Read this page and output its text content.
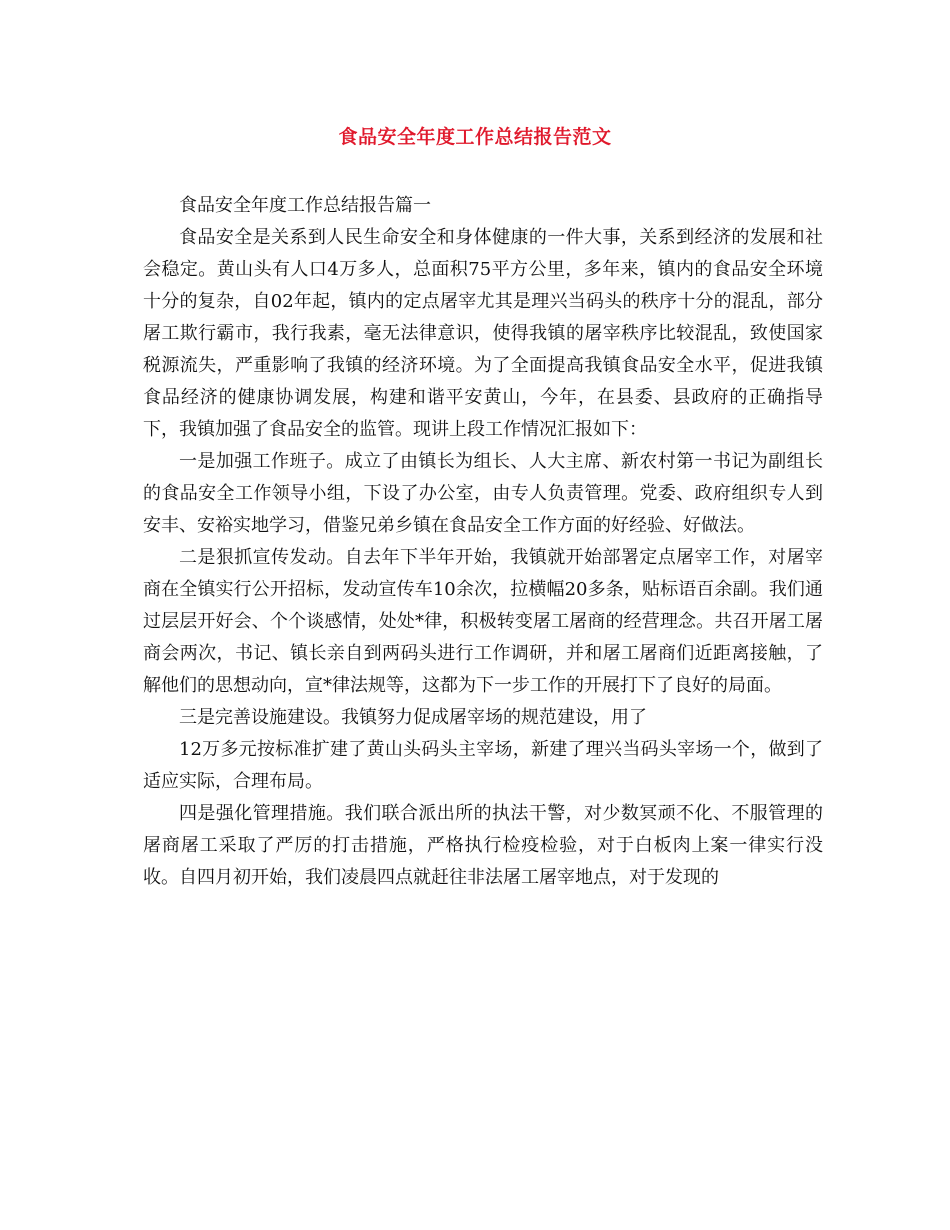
食品安全年度工作总结报告范文

食品安全年度工作总结报告篇一

食品安全是关系到人民生命安全和身体健康的一件大事，关系到经济的发展和社会稳定。黄山头有人口4万多人，总面积75平方公里，多年来，镇内的食品安全环境十分的复杂，自02年起，镇内的定点屠宰尤其是理兴当码头的秩序十分的混乱，部分屠工欺行霸市，我行我素，毫无法律意识，使得我镇的屠宰秩序比较混乱，致使国家税源流失，严重影响了我镇的经济环境。为了全面提高我镇食品安全水平，促进我镇食品经济的健康协调发展，构建和谐平安黄山，今年，在县委、县政府的正确指导下，我镇加强了食品安全的监管。现讲上段工作情况汇报如下：

一是加强工作班子。成立了由镇长为组长、人大主席、新农村第一书记为副组长的食品安全工作领导小组，下设了办公室，由专人负责管理。党委、政府组织专人到安丰、安裕实地学习，借鉴兄弟乡镇在食品安全工作方面的好经验、好做法。

二是狠抓宣传发动。自去年下半年开始，我镇就开始部署定点屠宰工作，对屠宰商在全镇实行公开招标，发动宣传车10余次，拉横幅20多条，贴标语百余副。我们通过层层开好会、个个谈感情，处处*律，积极转变屠工屠商的经营理念。共召开屠工屠商会两次，书记、镇长亲自到两码头进行工作调研，并和屠工屠商们近距离接触，了解他们的思想动向，宣*律法规等，这都为下一步工作的开展打下了良好的局面。

三是完善设施建设。我镇努力促成屠宰场的规范建设，用了

12万多元按标准扩建了黄山头码头主宰场，新建了理兴当码头宰场一个，做到了适应实际，合理布局。

四是强化管理措施。我们联合派出所的执法干警，对少数冥顽不化、不服管理的屠商屠工采取了严厉的打击措施，严格执行检疫检验，对于白板肉上案一律实行没收。自四月初开始，我们凌晨四点就赶往非法屠工屠宰地点，对于发现的
